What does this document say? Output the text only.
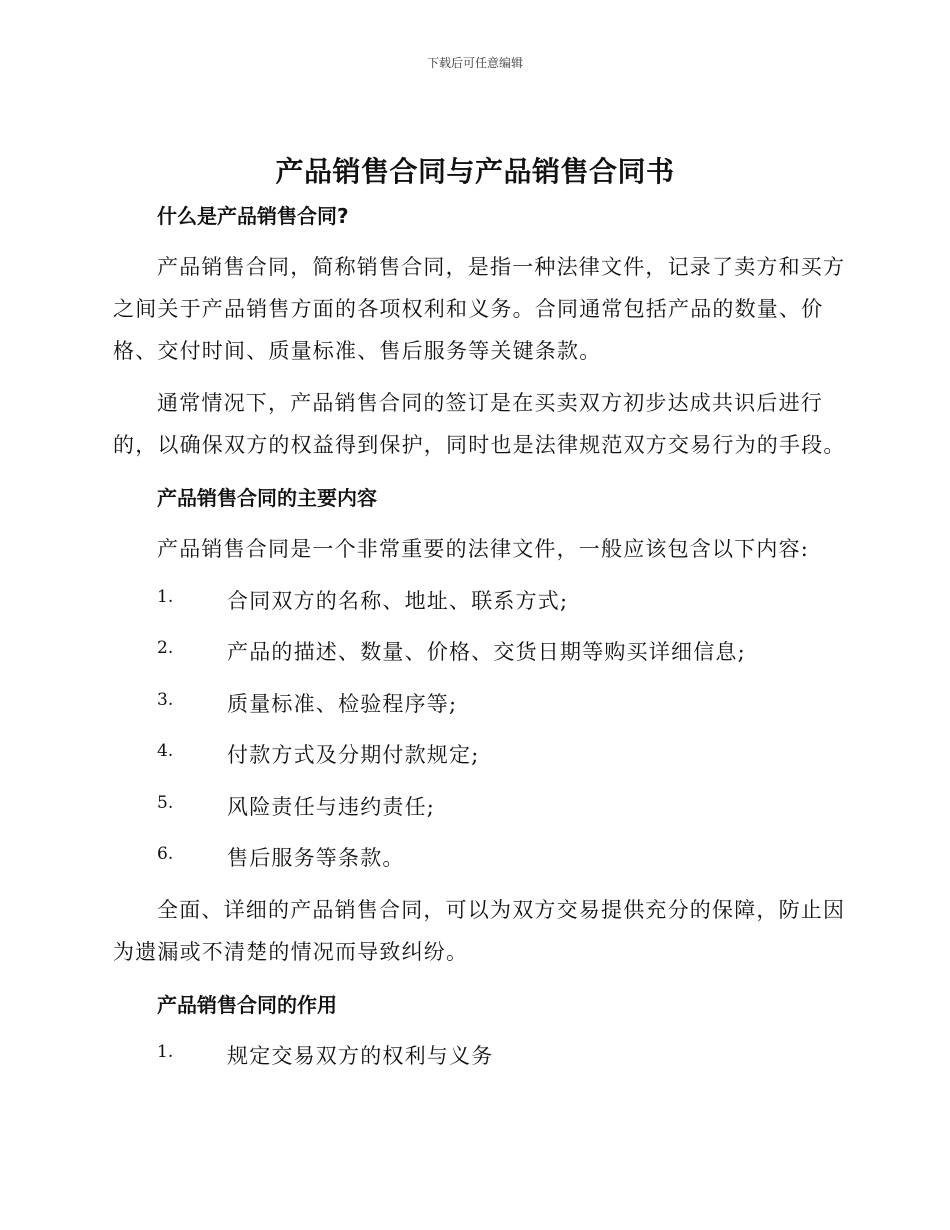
下载后可任意编辑
产品销售合同与产品销售合同书
什么是产品销售合同?
产品销售合同，简称销售合同，是指一种法律文件，记录了卖方和买方
之间关于产品销售方面的各项权利和义务。合同通常包括产品的数量、价
格、交付时间、质量标准、售后服务等关键条款。
通常情况下，产品销售合同的签订是在买卖双方初步达成共识后进行
的，以确保双方的权益得到保护，同时也是法律规范双方交易行为的手段。
产品销售合同的主要内容
产品销售合同是一个非常重要的法律文件，一般应该包含以下内容:
1.	合同双方的名称、地址、联系方式;
2.	产品的描述、数量、价格、交货日期等购买详细信息;
3.	质量标准、检验程序等;
4.	付款方式及分期付款规定;
5.	风险责任与违约责任;
6.	售后服务等条款。
全面、详细的产品销售合同，可以为双方交易提供充分的保障，防止因
为遗漏或不清楚的情况而导致纠纷。
产品销售合同的作用
1.	规定交易双方的权利与义务
